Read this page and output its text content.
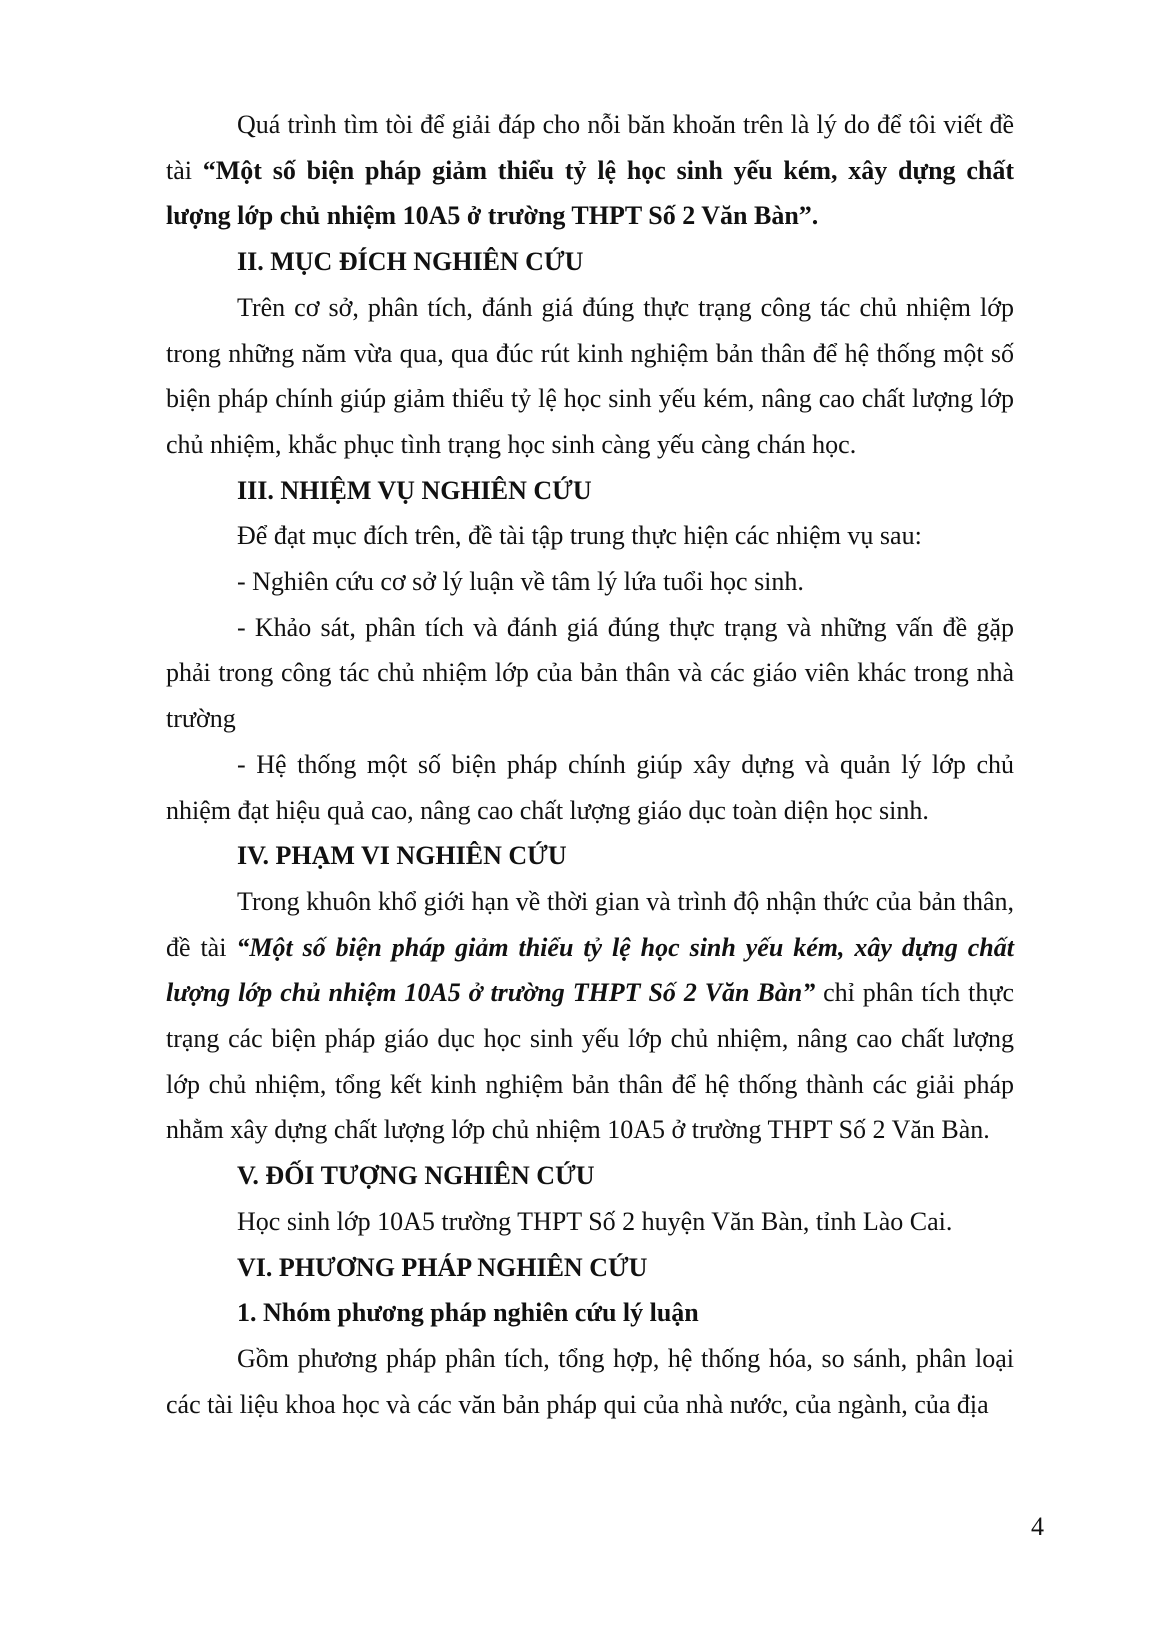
Quá trình tìm tòi để giải đáp cho nỗi băn khoăn trên là lý do để tôi viết đề tài “Một số biện pháp giảm thiểu tỷ lệ học sinh yếu kém, xây dựng chất lượng lớp chủ nhiệm 10A5 ở trường THPT Số 2 Văn Bàn”.

II. MỤC ĐÍCH NGHIÊN CỨU

Trên cơ sở, phân tích, đánh giá đúng thực trạng công tác chủ nhiệm lớp trong những năm vừa qua, qua đúc rút kinh nghiệm bản thân để hệ thống một số biện pháp chính giúp giảm thiểu tỷ lệ học sinh yếu kém, nâng cao chất lượng lớp chủ nhiệm, khắc phục tình trạng học sinh càng yếu càng chán học.

III. NHIỆM VỤ NGHIÊN CỨU

Để đạt mục đích trên, đề tài tập trung thực hiện các nhiệm vụ sau:

- Nghiên cứu cơ sở lý luận về tâm lý lứa tuổi học sinh.

- Khảo sát, phân tích và đánh giá đúng thực trạng và những vấn đề gặp phải trong công tác chủ nhiệm lớp của bản thân và các giáo viên khác trong nhà trường

- Hệ thống một số biện pháp chính giúp xây dựng và quản lý lớp chủ nhiệm đạt hiệu quả cao, nâng cao chất lượng giáo dục toàn diện học sinh.

IV. PHẠM VI NGHIÊN CỨU

Trong khuôn khổ giới hạn về thời gian và trình độ nhận thức của bản thân, đề tài “Một số biện pháp giảm thiểu tỷ lệ học sinh yếu kém, xây dựng chất lượng lớp chủ nhiệm 10A5 ở trường THPT Số 2 Văn Bàn” chỉ phân tích thực trạng các biện pháp giáo dục học sinh yếu lớp chủ nhiệm, nâng cao chất lượng lớp chủ nhiệm, tổng kết kinh nghiệm bản thân để hệ thống thành các giải pháp nhằm xây dựng chất lượng lớp chủ nhiệm 10A5 ở trường THPT Số 2 Văn Bàn.

V. ĐỐI TƯỢNG NGHIÊN CỨU

Học sinh lớp 10A5 trường THPT Số 2 huyện Văn Bàn, tỉnh Lào Cai.

VI. PHƯƠNG PHÁP NGHIÊN CỨU
1. Nhóm phương pháp nghiên cứu lý luận

Gồm phương pháp phân tích, tổng hợp, hệ thống hóa, so sánh, phân loại các tài liệu khoa học và các văn bản pháp qui của nhà nước, của ngành, của địa

4
